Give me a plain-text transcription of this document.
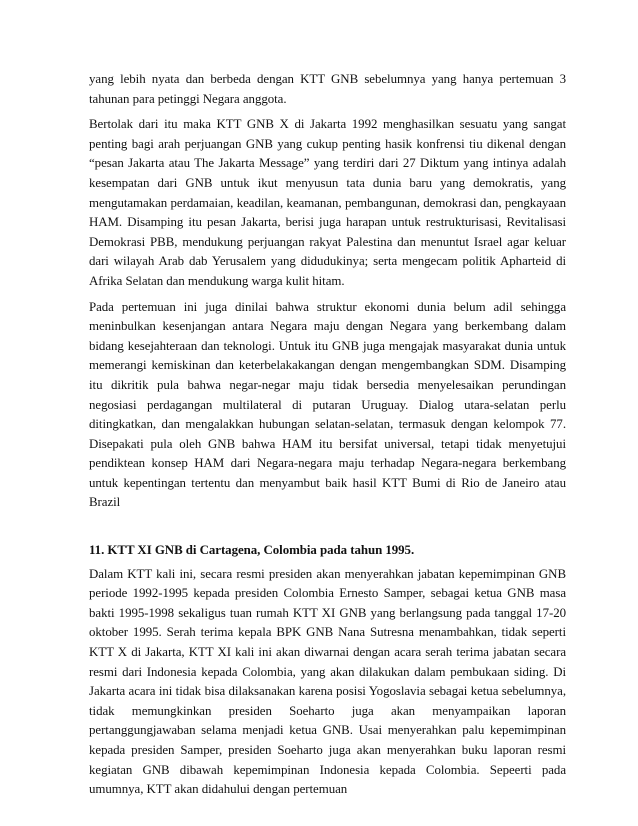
yang lebih nyata dan berbeda dengan KTT GNB sebelumnya yang hanya pertemuan 3 tahunan para petinggi Negara anggota.

Bertolak dari itu maka KTT GNB X di Jakarta 1992 menghasilkan sesuatu yang sangat penting bagi arah perjuangan GNB yang cukup penting hasik konfrensi tiu dikenal dengan “pesan Jakarta atau The Jakarta Message” yang terdiri dari 27 Diktum yang intinya adalah kesempatan dari GNB untuk ikut menyusun tata dunia baru yang demokratis, yang mengutamakan perdamaian, keadilan, keamanan, pembangunan, demokrasi dan, pengkayaan HAM. Disamping itu pesan Jakarta, berisi juga harapan untuk restrukturisasi, Revitalisasi Demokrasi PBB, mendukung perjuangan rakyat Palestina dan menuntut Israel agar keluar dari wilayah Arab dab Yerusalem yang didudukinya; serta mengecam politik Apharteid di Afrika Selatan dan mendukung warga kulit hitam.

Pada pertemuan ini juga dinilai bahwa struktur ekonomi dunia belum adil sehingga meninbulkan kesenjangan antara Negara maju dengan Negara yang berkembang dalam bidang kesejahteraan dan teknologi. Untuk itu GNB juga mengajak masyarakat dunia untuk memerangi kemiskinan dan keterbelakakangan dengan mengembangkan SDM. Disamping itu dikritik pula bahwa negar-negar maju tidak bersedia menyelesaikan perundingan negosiasi perdagangan multilateral di putaran Uruguay. Dialog utara-selatan perlu ditingkatkan, dan mengalakkan hubungan selatan-selatan, termasuk dengan kelompok 77. Disepakati pula oleh GNB bahwa HAM itu bersifat universal, tetapi tidak menyetujui pendiktean konsep HAM dari Negara-negara maju terhadap Negara-negara berkembang untuk kepentingan tertentu dan menyambut baik hasil KTT Bumi di Rio de Janeiro atau Brazil

11. KTT XI GNB di Cartagena, Colombia pada tahun 1995.

Dalam KTT kali ini, secara resmi presiden akan menyerahkan jabatan kepemimpinan GNB periode 1992-1995 kepada presiden Colombia Ernesto Samper, sebagai ketua GNB masa bakti 1995-1998 sekaligus tuan rumah KTT XI GNB yang berlangsung pada tanggal 17-20 oktober 1995. Serah terima kepala BPK GNB Nana Sutresna menambahkan, tidak seperti KTT X di Jakarta, KTT XI kali ini akan diwarnai dengan acara serah terima jabatan secara resmi dari Indonesia kepada Colombia, yang akan dilakukan dalam pembukaan siding. Di Jakarta acara ini tidak bisa dilaksanakan karena posisi Yogoslavia sebagai ketua sebelumnya, tidak memungkinkan presiden Soeharto juga akan menyampaikan laporan pertanggungjawaban selama menjadi ketua GNB. Usai menyerahkan palu kepemimpinan kepada presiden Samper, presiden Soeharto juga akan menyerahkan buku laporan resmi kegiatan GNB dibawah kepemimpinan Indonesia kepada Colombia. Sepeerti pada umumnya, KTT akan didahului dengan pertemuan
